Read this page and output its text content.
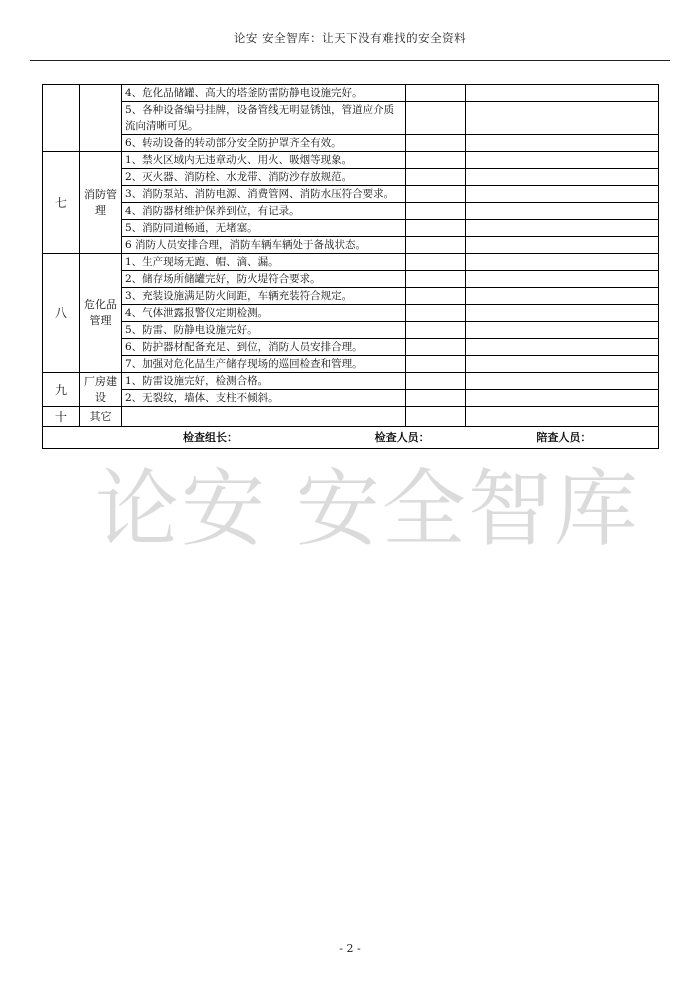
论安 安全智库：让天下没有难找的安全资料
		4、危化品储罐、高大的塔釜防雷防静电设施完好。		
		5、各种设备编号挂牌，设备管线无明显锈蚀，管道应介质流向清晰可见。		
		6、转动设备的转动部分安全防护罩齐全有效。		
七	消防管理	1、禁火区域内无违章动火、用火、吸烟等现象。		
		2、灭火器、消防栓、水龙带、消防沙存放规范。		
		3、消防泵站、消防电源、消费管网、消防水压符合要求。		
		4、消防器材维护保养到位，有记录。		
		5、消防同道畅通，无堵塞。		
		6 消防人员安排合理，消防车辆车辆处于备战状态。		
八	危化品管理	1、生产现场无跑、帽、滴、漏。		
		2、储存场所储罐完好，防火堤符合要求。		
		3、充装设施满足防火间距，车辆充装符合规定。		
		4、气体泄露报警仪定期检测。		
		5、防雷、防静电设施完好。		
		6、防护器材配备充足、到位，消防人员安排合理。		
		7、加强对危化品生产储存现场的巡回检查和管理。		
九	厂房建设	1、防雷设施完好，检测合格。		
		2、无裂纹，墙体、支柱不倾斜。		
十	其它			

检查组长： 检查人员： 陪查人员：				
论安 安全智库
- 2 -
